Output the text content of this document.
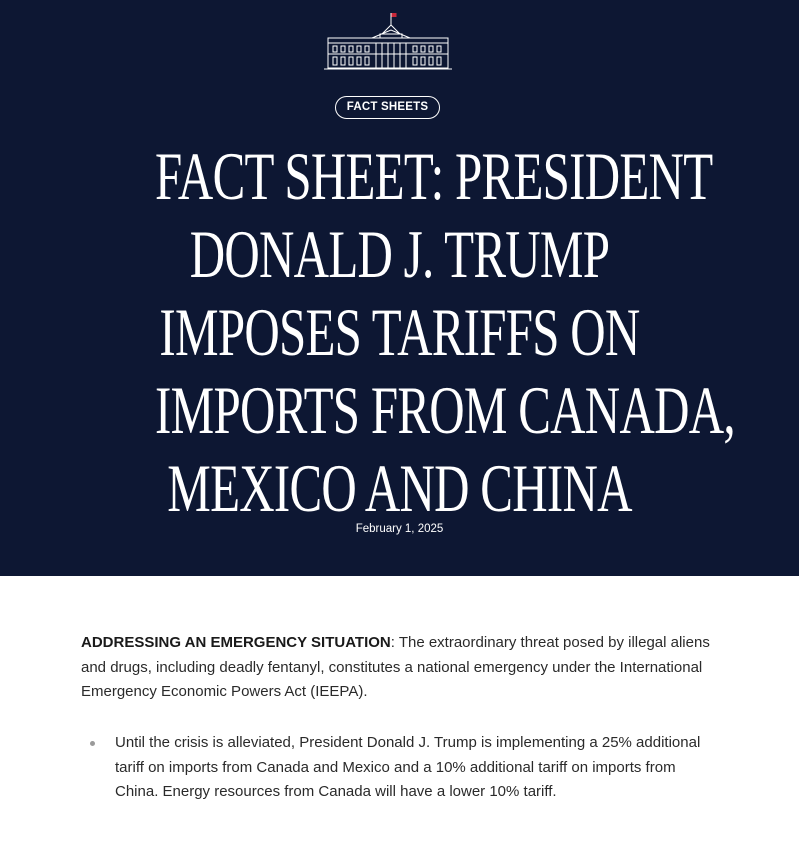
FACT SHEETS
FACT SHEET: PRESIDENT
DONALD J. TRUMP
IMPOSES TARIFFS ON
IMPORTS FROM CANADA,
MEXICO AND CHINA
February 1, 2025

ADDRESSING AN EMERGENCY SITUATION: The extraordinary threat posed by illegal aliens and drugs, including deadly fentanyl, constitutes a national emergency under the International Emergency Economic Powers Act (IEEPA).

Until the crisis is alleviated, President Donald J. Trump is implementing a 25% additional tariff on imports from Canada and Mexico and a 10% additional tariff on imports from China. Energy resources from Canada will have a lower 10% tariff.
